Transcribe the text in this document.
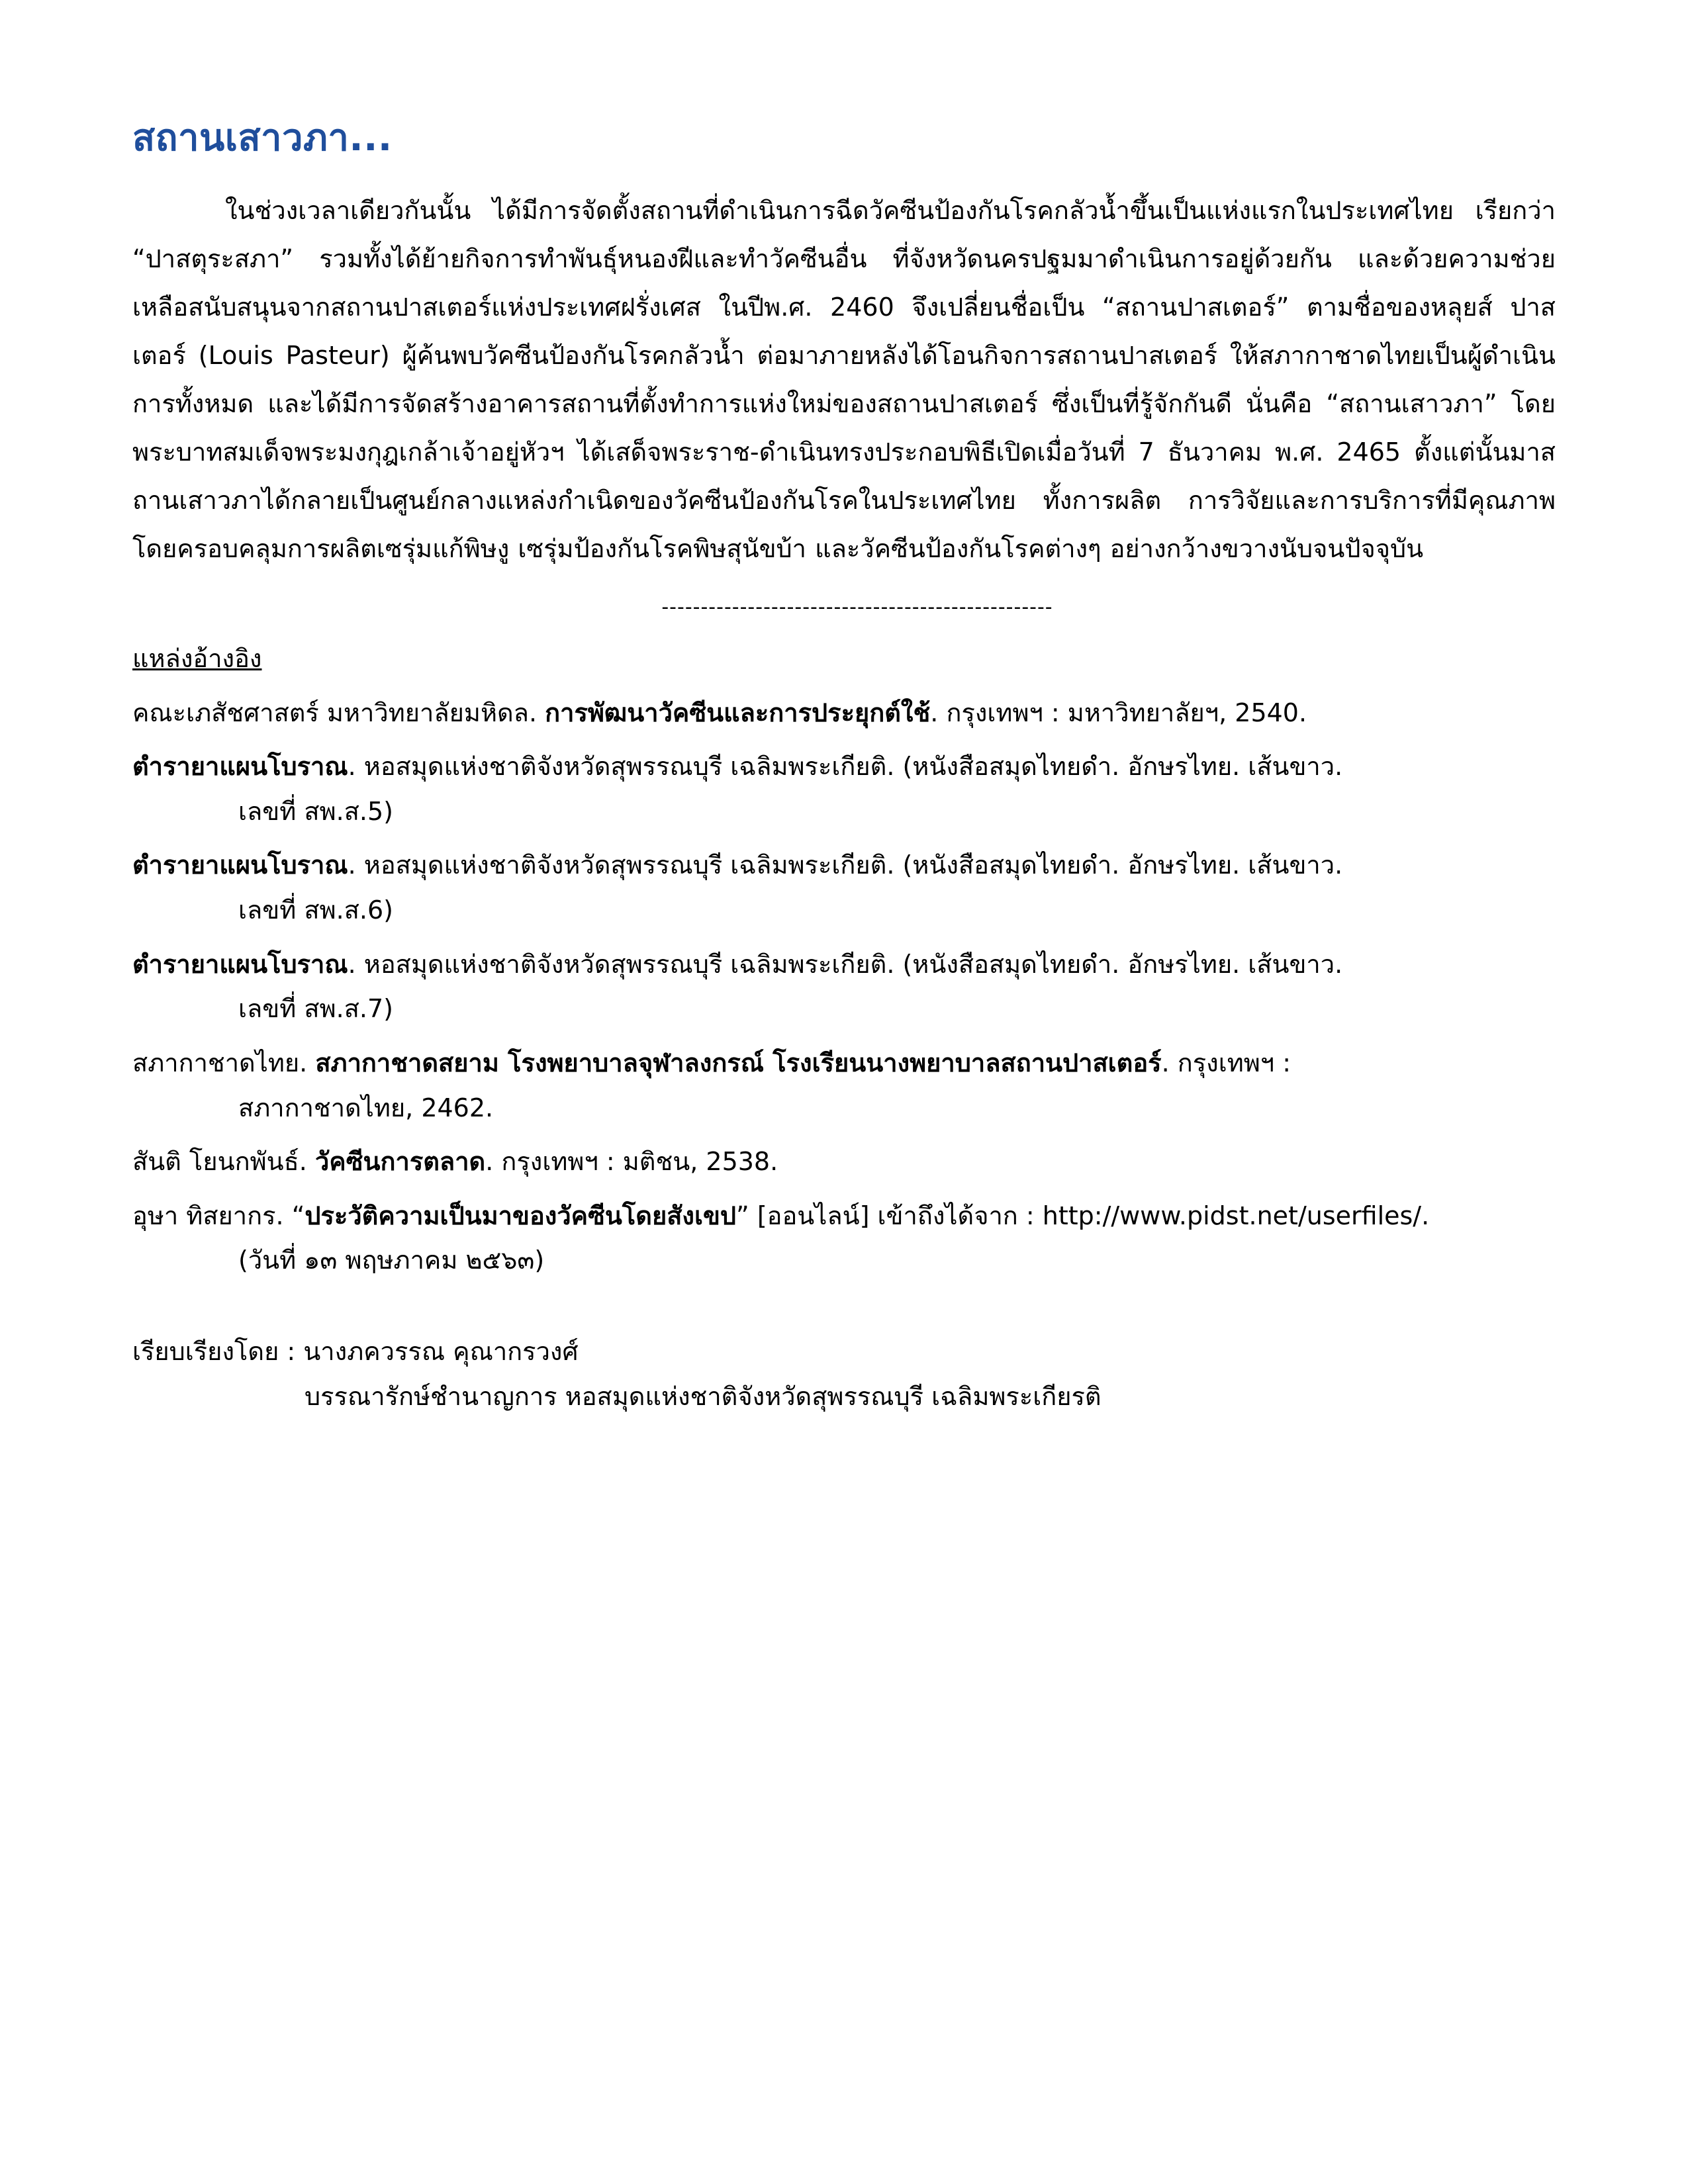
สถานเสาวภา...

ในช่วงเวลาเดียวกันนั้น ได้มีการจัดตั้งสถานที่ดำเนินการฉีดวัคซีนป้องกันโรคกลัวน้ำขึ้นเป็นแห่งแรกในประเทศไทย เรียกว่า “ปาสตุระสภา” รวมทั้งได้ย้ายกิจการทำพันธุ์หนองฝีและทำวัคซีนอื่น ที่จังหวัดนครปฐมมาดำเนินการอยู่ด้วยกัน และด้วยความช่วยเหลือสนับสนุนจากสถานปาสเตอร์แห่งประเทศฝรั่งเศส ในปีพ.ศ. 2460 จึงเปลี่ยนชื่อเป็น “สถานปาสเตอร์” ตามชื่อของหลุยส์ ปาสเตอร์ (Louis Pasteur) ผู้ค้นพบวัคซีนป้องกันโรคกลัวน้ำ ต่อมาภายหลังได้โอนกิจการสถานปาสเตอร์ ให้สภากาชาดไทยเป็นผู้ดำเนินการทั้งหมด และได้มีการจัดสร้างอาคารสถานที่ตั้งทำการแห่งใหม่ของสถานปาสเตอร์ ซึ่งเป็นที่รู้จักกันดี นั่นคือ “สถานเสาวภา” โดยพระบาทสมเด็จพระมงกุฎเกล้าเจ้าอยู่หัวฯ ได้เสด็จพระราช-ดำเนินทรงประกอบพิธีเปิดเมื่อวันที่ 7 ธันวาคม พ.ศ. 2465 ตั้งแต่นั้นมาสถานเสาวภาได้กลายเป็นศูนย์กลางแหล่งกำเนิดของวัคซีนป้องกันโรคในประเทศไทย ทั้งการผลิต การวิจัยและการบริการที่มีคุณภาพ โดยครอบคลุมการผลิตเซรุ่มแก้พิษงู เซรุ่มป้องกันโรคพิษสุนัขบ้า และวัคซีนป้องกันโรคต่างๆ อย่างกว้างขวางนับจนปัจจุบัน

--------------------------------------------------
แหล่งอ้างอิง
คณะเภสัชศาสตร์ มหาวิทยาลัยมหิดล. การพัฒนาวัคซีนและการประยุกต์ใช้. กรุงเทพฯ : มหาวิทยาลัยฯ, 2540.
ตำรายาแผนโบราณ. หอสมุดแห่งชาติจังหวัดสุพรรณบุรี เฉลิมพระเกียติ. (หนังสือสมุดไทยดำ. อักษรไทย. เส้นขาว.
เลขที่ สพ.ส.5)
ตำรายาแผนโบราณ. หอสมุดแห่งชาติจังหวัดสุพรรณบุรี เฉลิมพระเกียติ. (หนังสือสมุดไทยดำ. อักษรไทย. เส้นขาว.
เลขที่ สพ.ส.6)
ตำรายาแผนโบราณ. หอสมุดแห่งชาติจังหวัดสุพรรณบุรี เฉลิมพระเกียติ. (หนังสือสมุดไทยดำ. อักษรไทย. เส้นขาว.
เลขที่ สพ.ส.7)
สภากาชาดไทย. สภากาชาดสยาม โรงพยาบาลจุฬาลงกรณ์ โรงเรียนนางพยาบาลสถานปาสเตอร์. กรุงเทพฯ :
สภากาชาดไทย, 2462.
สันติ โยนกพันธ์. วัคซีนการตลาด. กรุงเทพฯ : มติชน, 2538.
อุษา ทิสยากร. “ประวัติความเป็นมาของวัคซีนโดยสังเขป” [ออนไลน์] เข้าถึงได้จาก : http://www.pidst.net/userfiles/.
(วันที่ ๑๓ พฤษภาคม ๒๕๖๓)
เรียบเรียงโดย : นางภควรรณ คุณากรวงศ์
บรรณารักษ์ชำนาญการ หอสมุดแห่งชาติจังหวัดสุพรรณบุรี เฉลิมพระเกียรติ
